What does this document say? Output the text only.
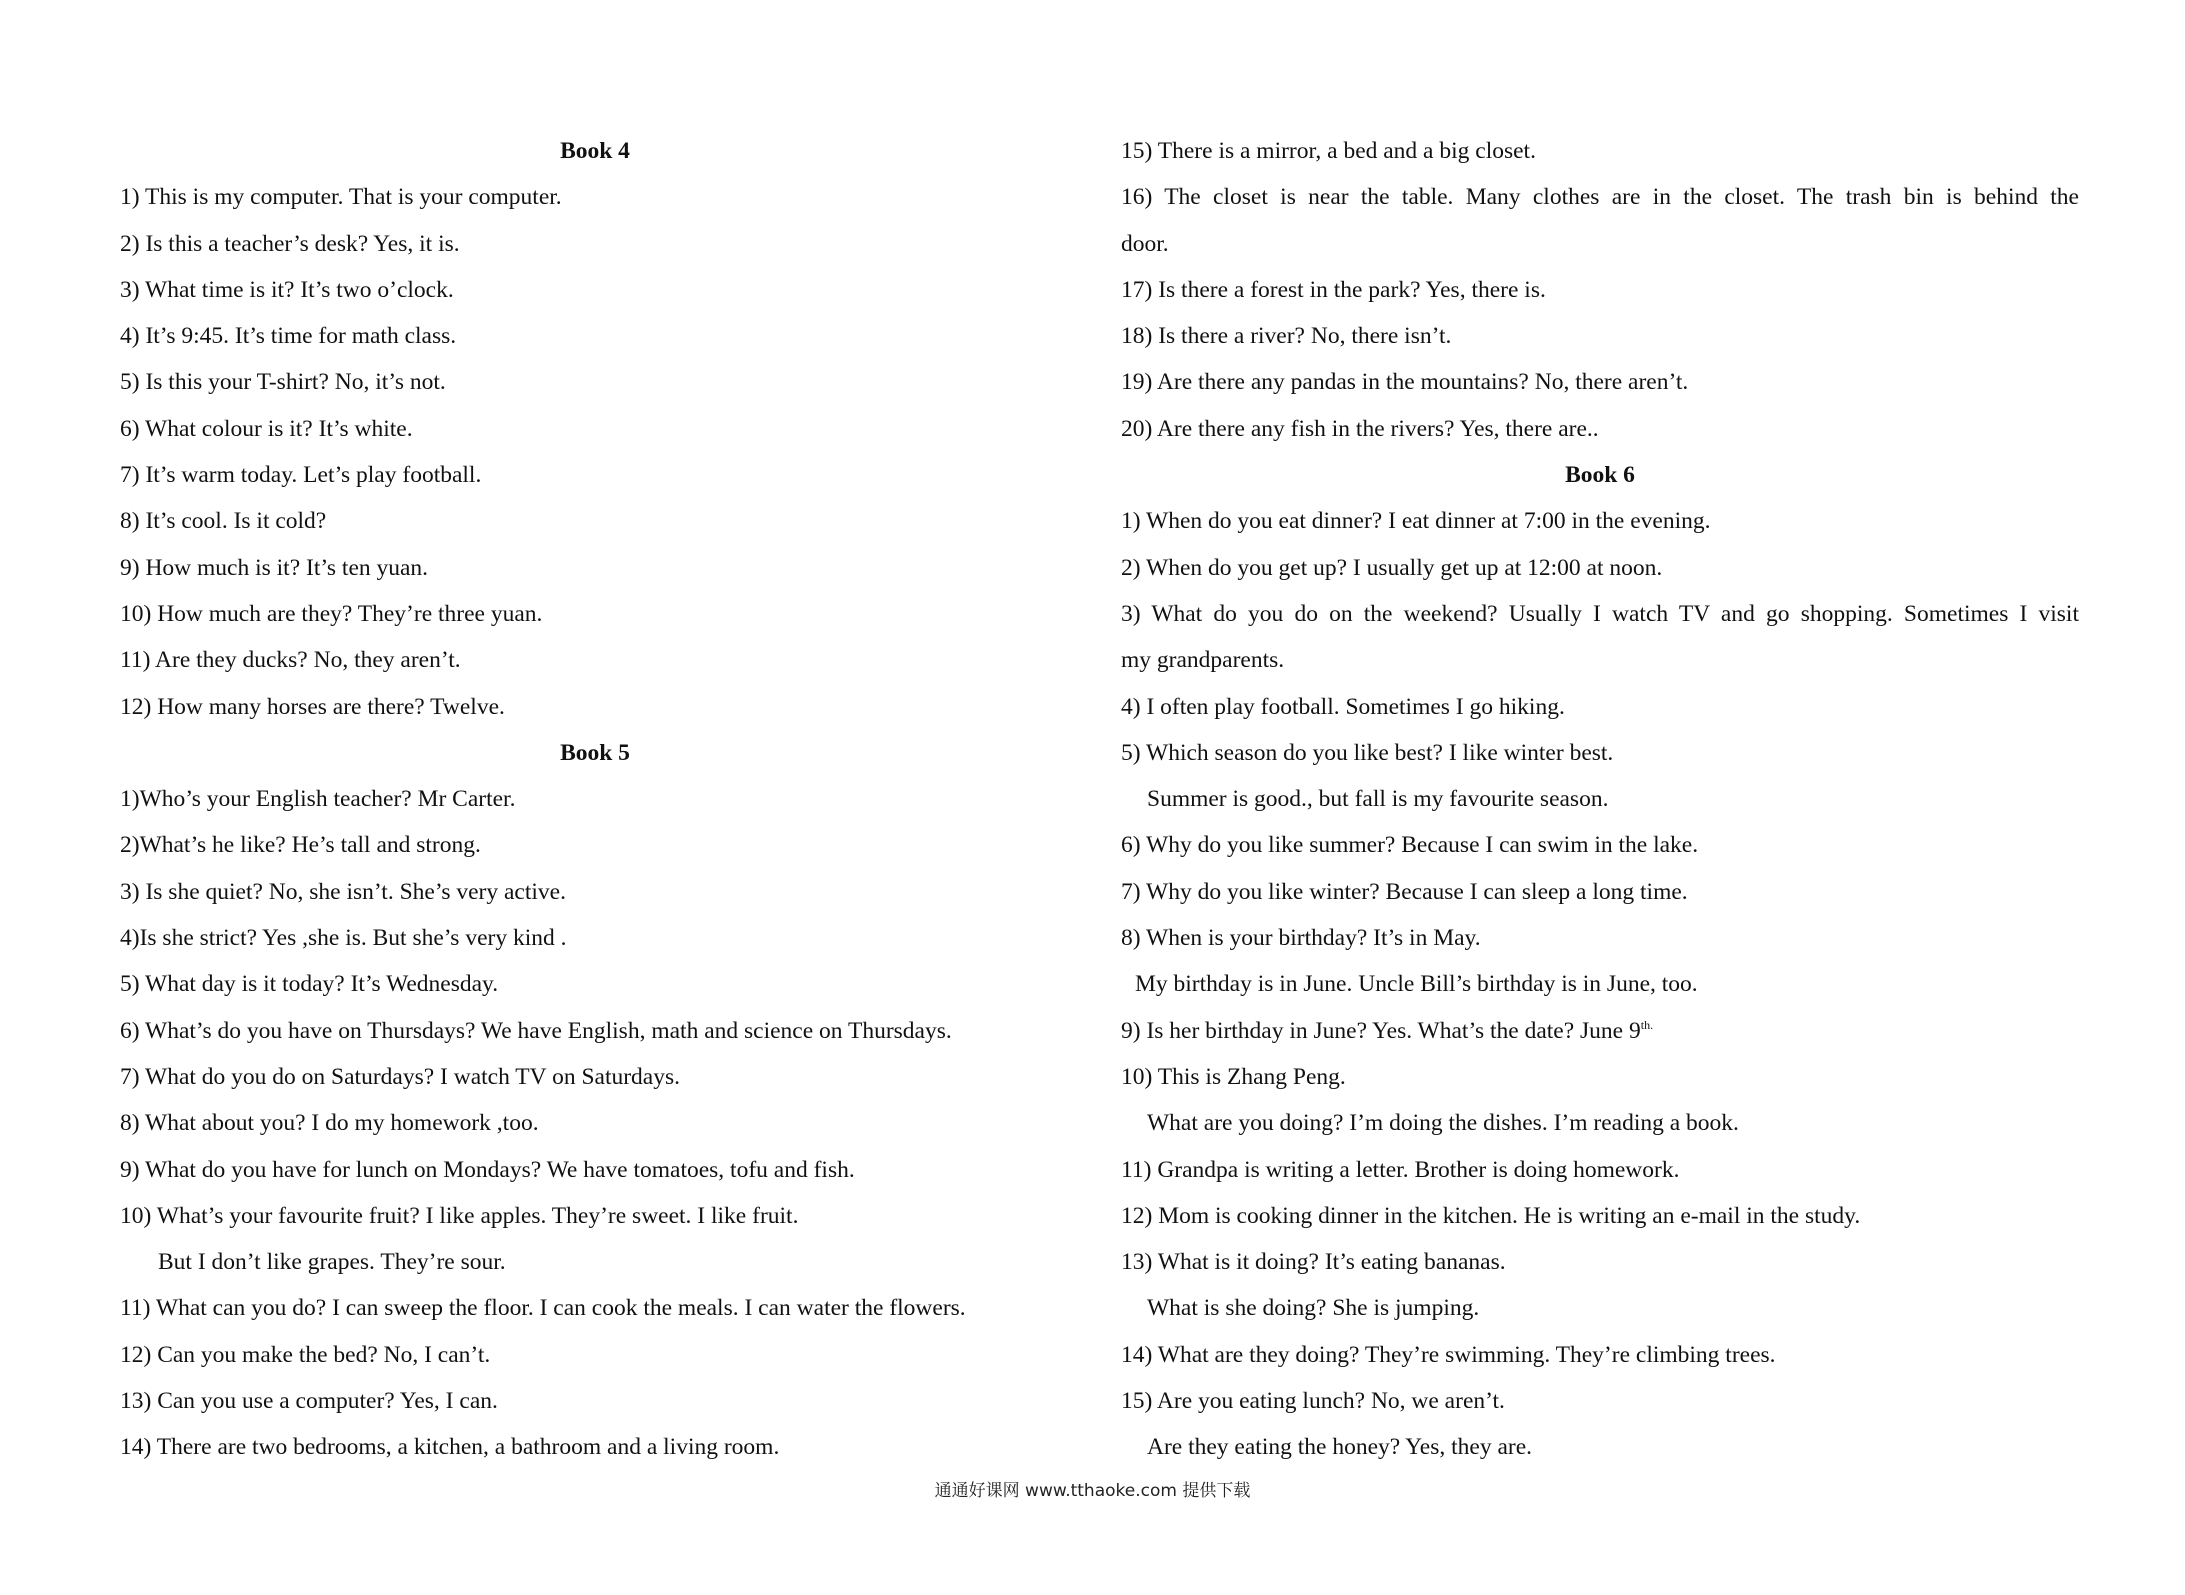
Book 4
1) This is my computer. That is your computer.
2) Is this a teacher’s desk? Yes, it is.
3) What time is it? It’s two o’clock.
4) It’s 9:45. It’s time for math class.
5) Is this your T-shirt? No, it’s not.
6) What colour is it? It’s white.
7) It’s warm today. Let’s play football.
8) It’s cool. Is it cold?
9) How much is it? It’s ten yuan.
10) How much are they? They’re three yuan.
11) Are they ducks? No, they aren’t.
12) How many horses are there? Twelve.
Book 5
1)Who’s your English teacher? Mr Carter.
2)What’s he like? He’s tall and strong.
3) Is she quiet? No, she isn’t. She’s very active.
4)Is she strict? Yes ,she is. But she’s very kind .
5) What day is it today? It’s Wednesday.
6) What’s do you have on Thursdays? We have English, math and science on Thursdays.
7) What do you do on Saturdays? I watch TV on Saturdays.
8) What about you? I do my homework ,too.
9) What do you have for lunch on Mondays? We have tomatoes, tofu and fish.
10) What’s your favourite fruit? I like apples. They’re sweet. I like fruit.
But I don’t like grapes. They’re sour.
11) What can you do? I can sweep the floor. I can cook the meals. I can water the flowers.
12) Can you make the bed? No, I can’t.
13) Can you use a computer? Yes, I can.
14) There are two bedrooms, a kitchen, a bathroom and a living room.
15) There is a mirror, a bed and a big closet.
16) The closet is near the table. Many clothes are in the closet. The trash bin is behind the
door.
17) Is there a forest in the park? Yes, there is.
18) Is there a river? No, there isn’t.
19) Are there any pandas in the mountains? No, there aren’t.
20) Are there any fish in the rivers? Yes, there are..
Book 6
1) When do you eat dinner? I eat dinner at 7:00 in the evening.
2) When do you get up? I usually get up at 12:00 at noon.
3) What do you do on the weekend? Usually I watch TV and go shopping. Sometimes I visit
my grandparents.
4) I often play football. Sometimes I go hiking.
5) Which season do you like best? I like winter best.
Summer is good., but fall is my favourite season.
6) Why do you like summer? Because I can swim in the lake.
7) Why do you like winter? Because I can sleep a long time.
8) When is your birthday? It’s in May.
My birthday is in June. Uncle Bill’s birthday is in June, too.
9) Is her birthday in June? Yes. What’s the date? June $9^{th.}$
10) This is Zhang Peng.
What are you doing? I’m doing the dishes. I’m reading a book.
11) Grandpa is writing a letter. Brother is doing homework.
12) Mom is cooking dinner in the kitchen. He is writing an e-mail in the study.
13) What is it doing? It’s eating bananas.
What is she doing? She is jumping.
14) What are they doing? They’re swimming. They’re climbing trees.
15) Are you eating lunch? No, we aren’t.
Are they eating the honey? Yes, they are.
通通好课网 www.tthaoke.com 提供下载
